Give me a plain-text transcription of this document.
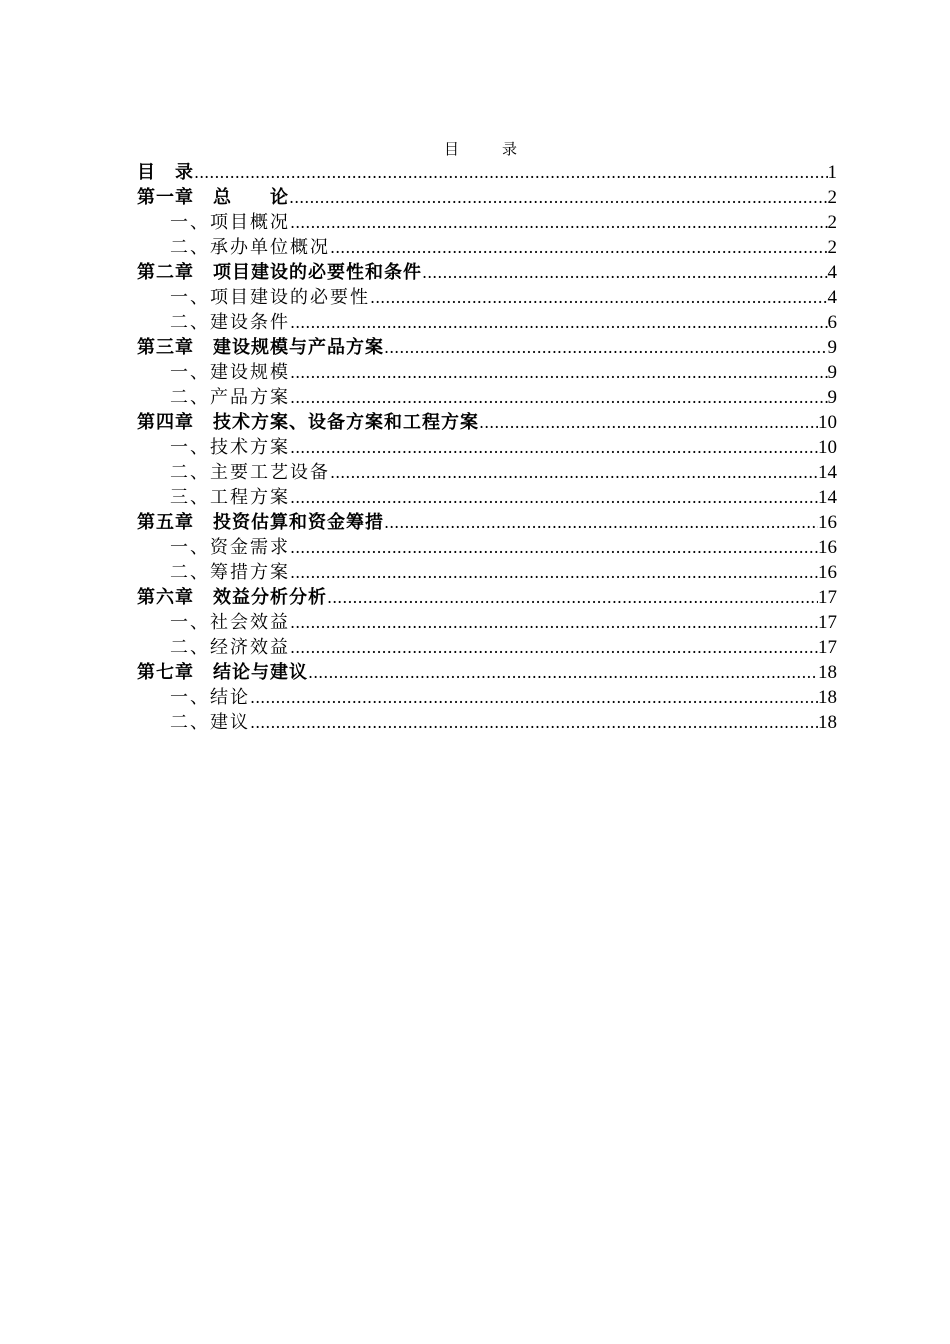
目　录
目　录 .....	1
第一章　总　　论 .....	2
一、项目概况 .....	2
二、承办单位概况 .....	2
第二章　项目建设的必要性和条件 .....	4
一、项目建设的必要性 .....	4
二、建设条件 .....	6
第三章　建设规模与产品方案 .....	9
一、建设规模 .....	9
二、产品方案 .....	9
第四章　技术方案、设备方案和工程方案 .....	10
一、技术方案 .....	10
二、主要工艺设备 .....	14
三、工程方案 .....	14
第五章　投资估算和资金筹措 .....	16
一、资金需求 .....	16
二、筹措方案 .....	16
第六章　效益分析分析 .....	17
一、社会效益 .....	17
二、经济效益 .....	17
第七章　结论与建议 .....	18
一、结论 .....	18
二、建议 .....	18
